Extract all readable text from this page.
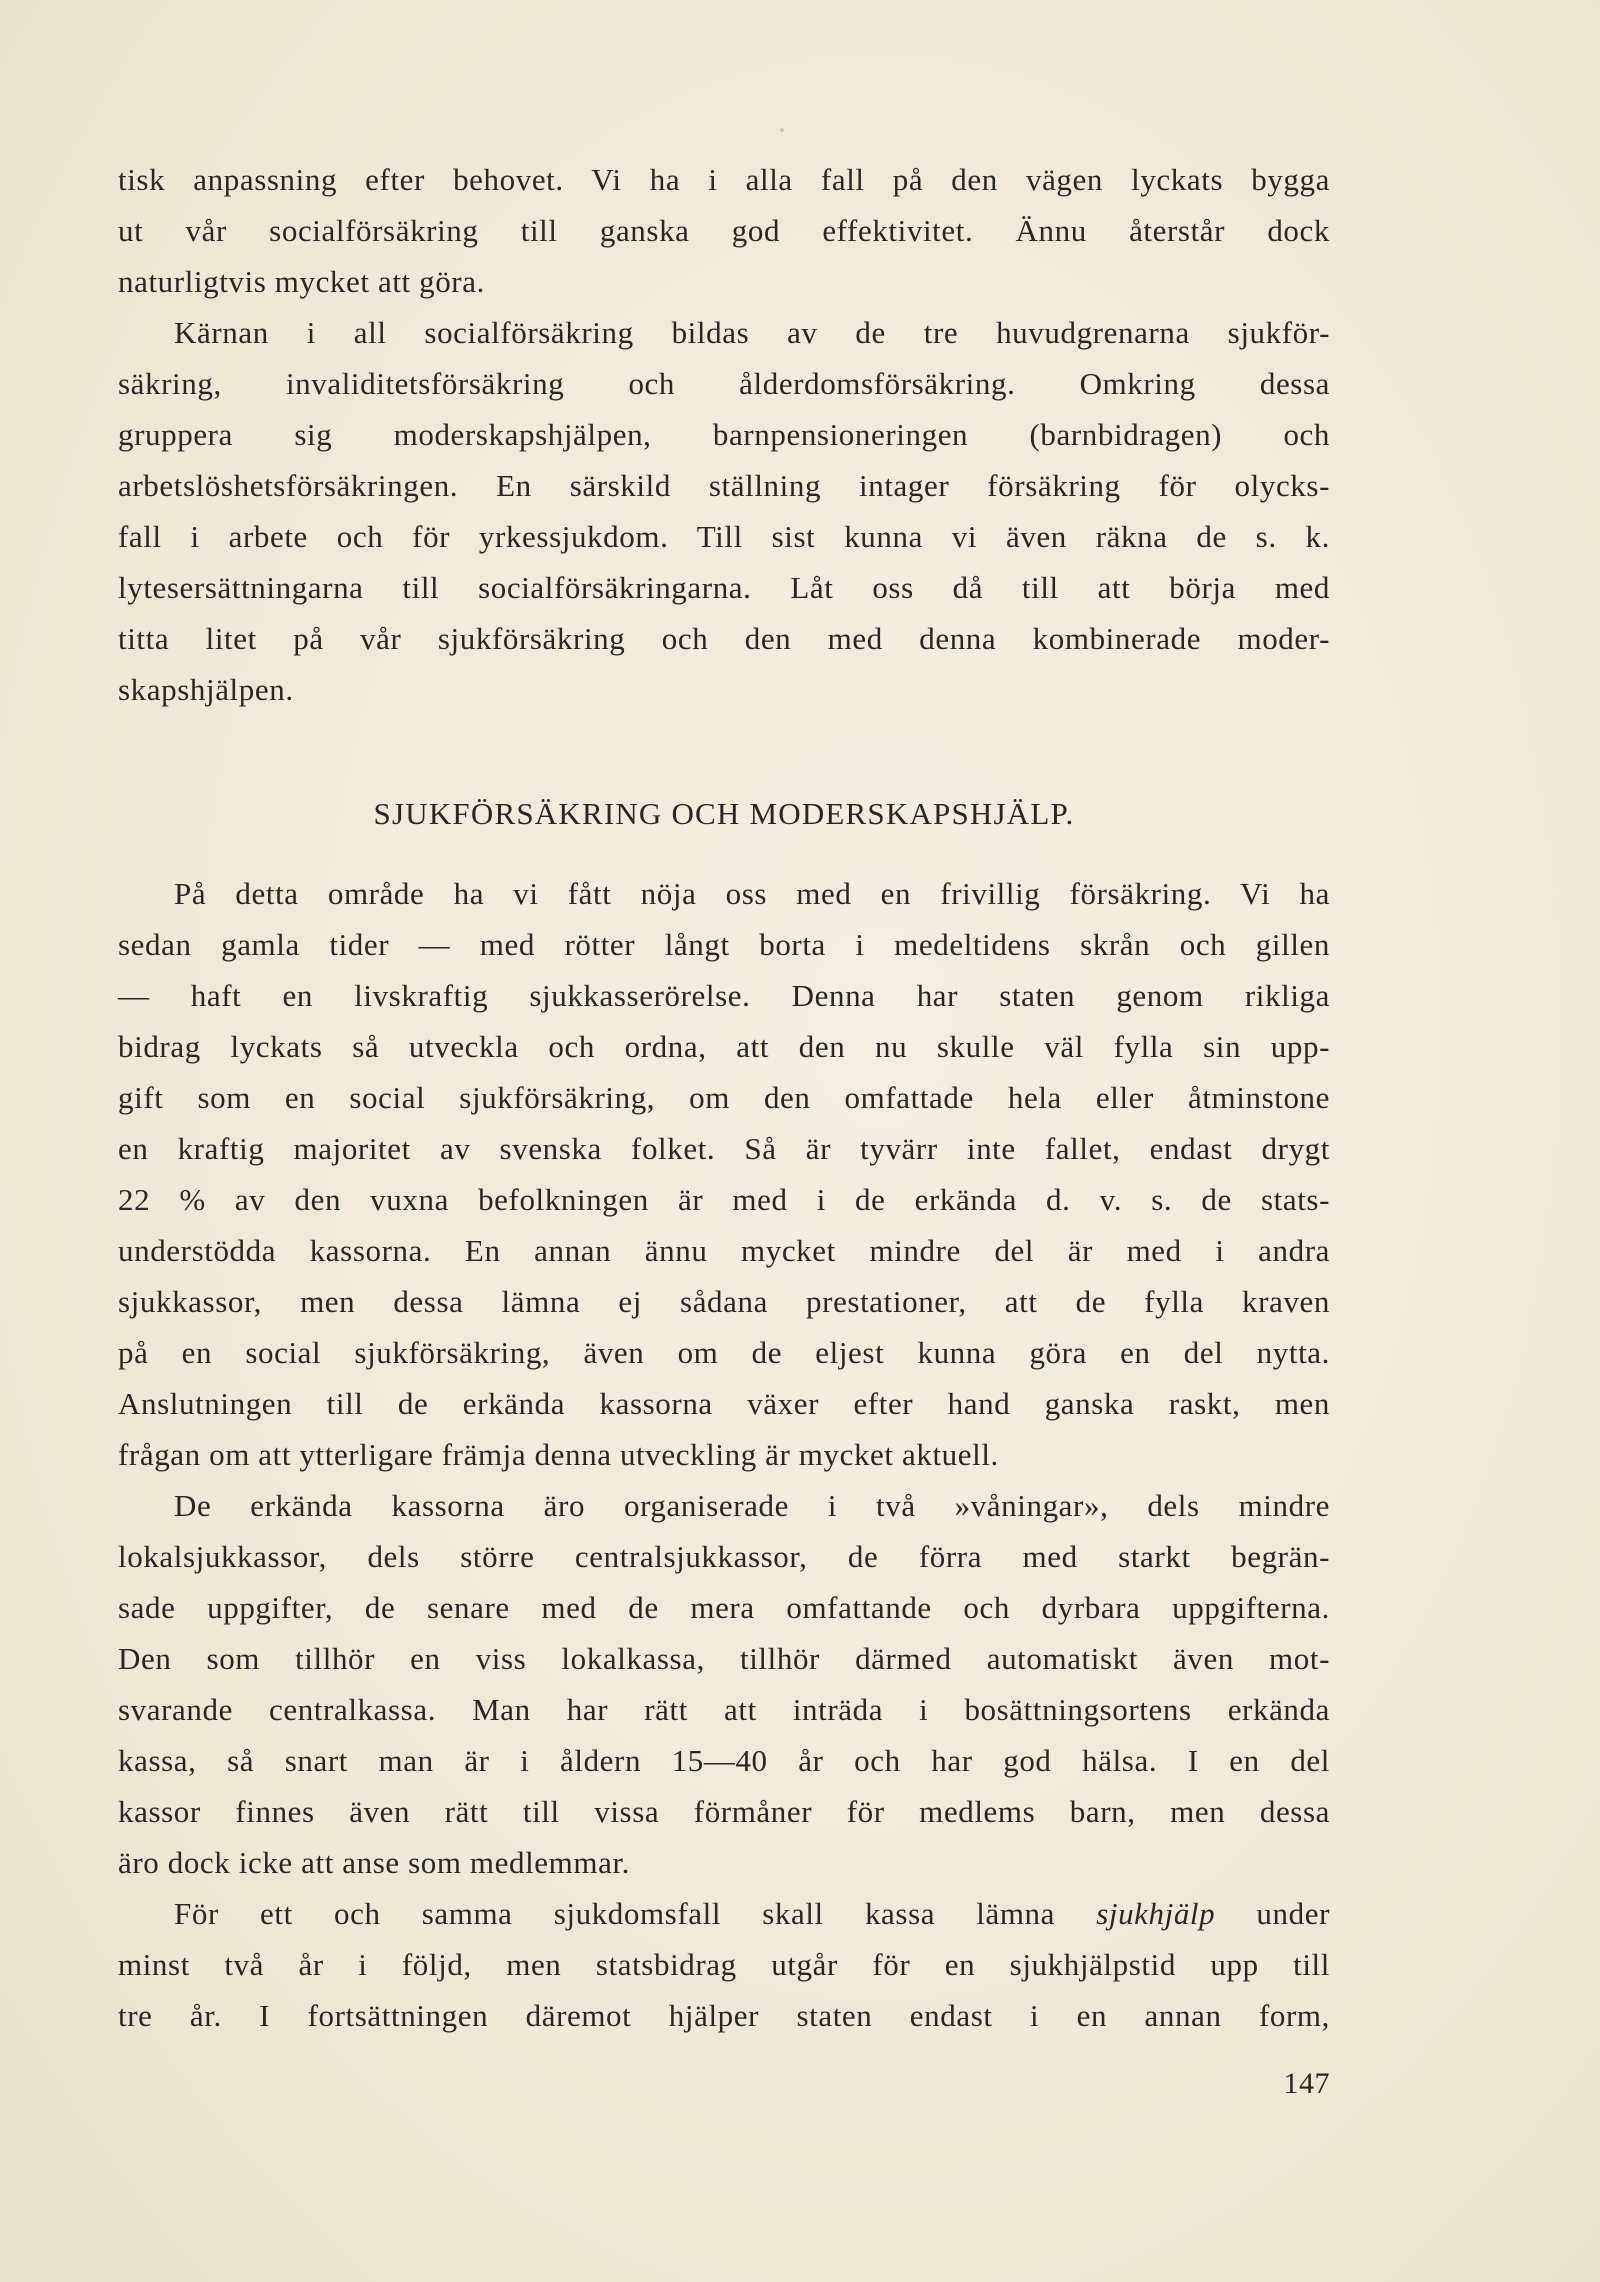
tisk anpassning efter behovet. Vi ha i alla fall på den vägen lyckats bygga
ut vår socialförsäkring till ganska god effektivitet. Ännu återstår dock
naturligtvis mycket att göra.
Kärnan i all socialförsäkring bildas av de tre huvudgrenarna sjukför-
säkring, invaliditetsförsäkring och ålderdomsförsäkring. Omkring dessa
gruppera sig moderskapshjälpen, barnpensioneringen (barnbidragen) och
arbetslöshetsförsäkringen. En särskild ställning intager försäkring för olycks-
fall i arbete och för yrkessjukdom. Till sist kunna vi även räkna de s. k.
lytesersättningarna till socialförsäkringarna. Låt oss då till att börja med
titta litet på vår sjukförsäkring och den med denna kombinerade moder-
skapshjälpen.
SJUKFÖRSÄKRING OCH MODERSKAPSHJÄLP.
På detta område ha vi fått nöja oss med en frivillig försäkring. Vi ha
sedan gamla tider — med rötter långt borta i medeltidens skrån och gillen
— haft en livskraftig sjukkasserörelse. Denna har staten genom rikliga
bidrag lyckats så utveckla och ordna, att den nu skulle väl fylla sin upp-
gift som en social sjukförsäkring, om den omfattade hela eller åtminstone
en kraftig majoritet av svenska folket. Så är tyvärr inte fallet, endast drygt
22 % av den vuxna befolkningen är med i de erkända d. v. s. de stats-
understödda kassorna. En annan ännu mycket mindre del är med i andra
sjukkassor, men dessa lämna ej sådana prestationer, att de fylla kraven
på en social sjukförsäkring, även om de eljest kunna göra en del nytta.
Anslutningen till de erkända kassorna växer efter hand ganska raskt, men
frågan om att ytterligare främja denna utveckling är mycket aktuell.
De erkända kassorna äro organiserade i två »våningar», dels mindre
lokalsjukkassor, dels större centralsjukkassor, de förra med starkt begrän-
sade uppgifter, de senare med de mera omfattande och dyrbara uppgifterna.
Den som tillhör en viss lokalkassa, tillhör därmed automatiskt även mot-
svarande centralkassa. Man har rätt att inträda i bosättningsortens erkända
kassa, så snart man är i åldern 15—40 år och har god hälsa. I en del
kassor finnes även rätt till vissa förmåner för medlems barn, men dessa
äro dock icke att anse som medlemmar.
För ett och samma sjukdomsfall skall kassa lämna sjukhjälp under
minst två år i följd, men statsbidrag utgår för en sjukhjälpstid upp till
tre år. I fortsättningen däremot hjälper staten endast i en annan form,
147
